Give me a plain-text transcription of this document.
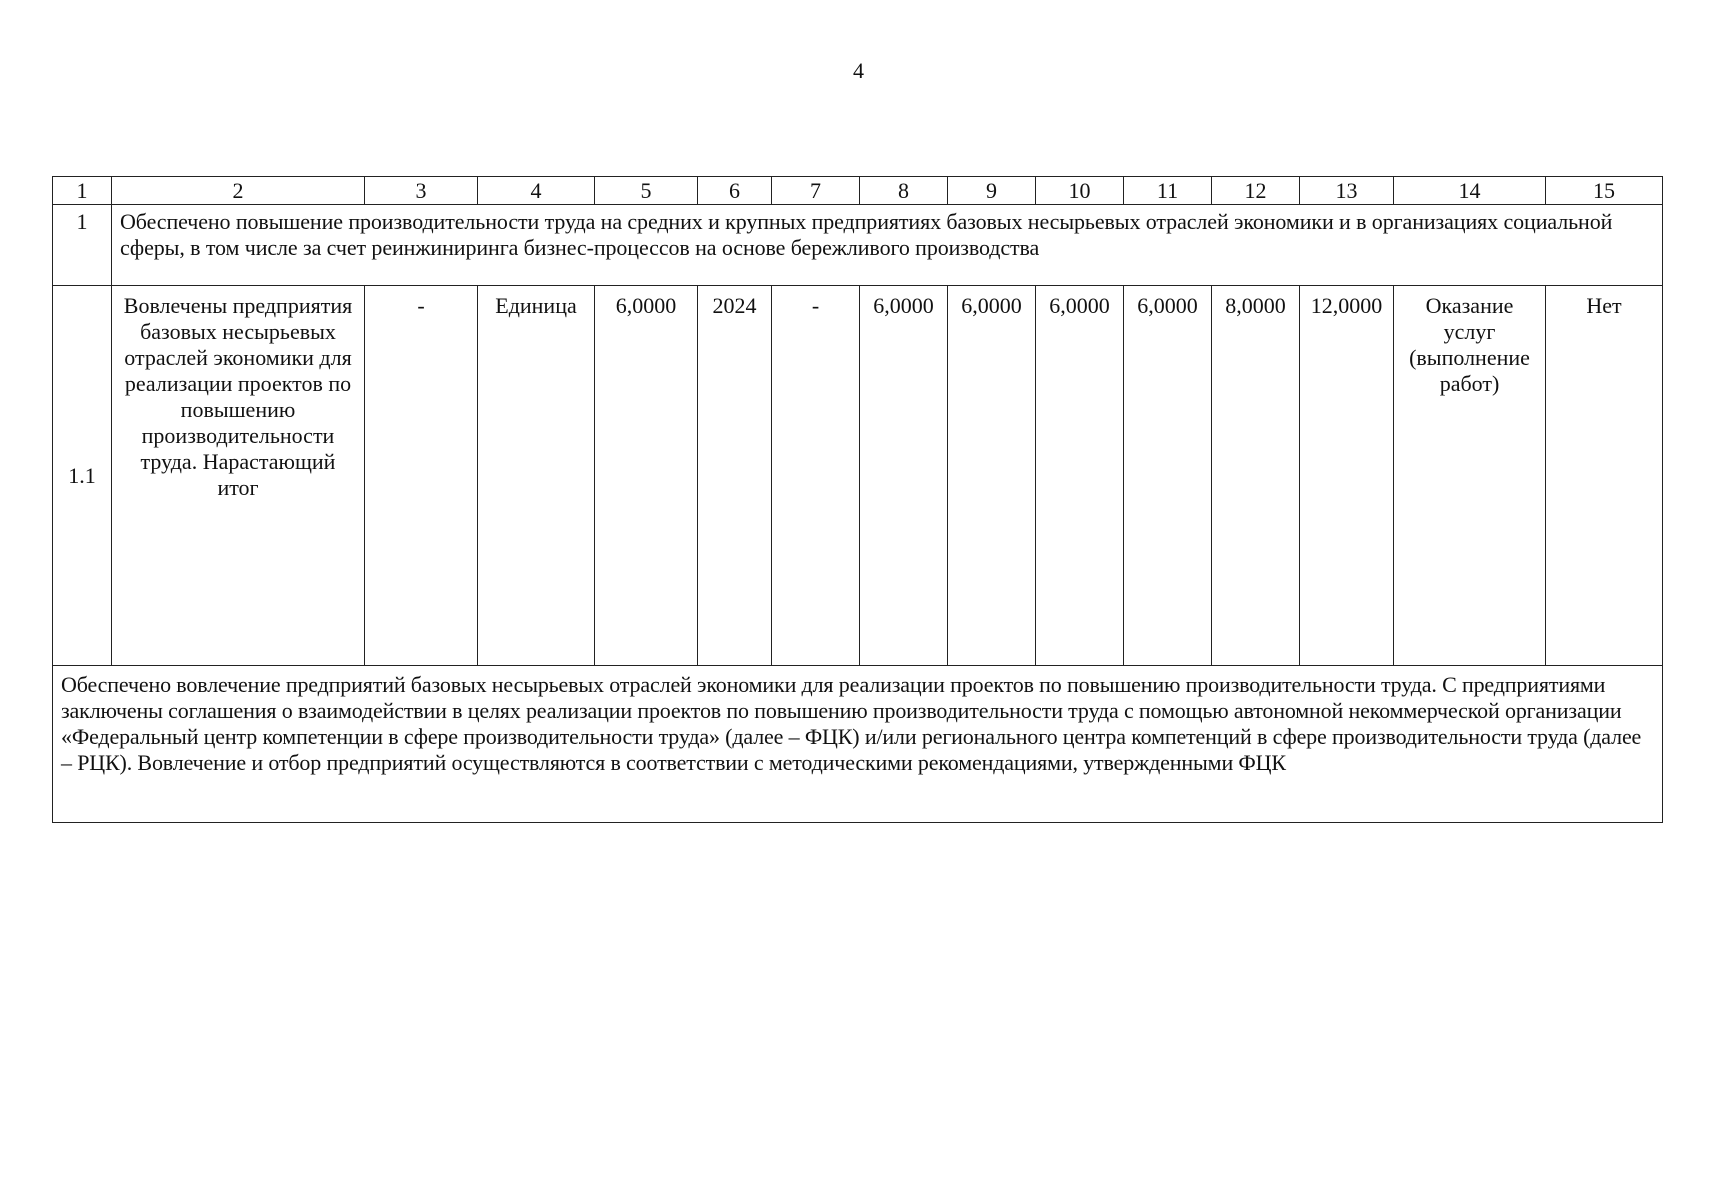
4
1	2	3	4	5	6	7	8	9	10	11	12	13	14	15
1	Обеспечено повышение производительности труда на средних и крупных предприятиях базовых несырьевых отраслей экономики и в организациях социальной сферы, в том числе за счет реинжиниринга бизнес-процессов на основе бережливого производства													
1.1	Вовлечены предприятия базовых несырьевых отраслей экономики для реализации проектов по повышению производительности труда. Нарастающий итог	-	Единица	6,0000	2024	-	6,0000	6,0000	6,0000	6,0000	8,0000	12,0000	Оказание услуг (выполнение работ)	Нет
Обеспечено вовлечение предприятий базовых несырьевых отраслей экономики для реализации проектов по повышению производительности труда. С предприятиями заключены соглашения о взаимодействии в целях реализации проектов по повышению производительности труда с помощью автономной некоммерческой организации «Федеральный центр компетенции в сфере производительности труда» (далее – ФЦК) и/или регионального центра компетенций в сфере производительности труда (далее – РЦК). Вовлечение и отбор предприятий осуществляются в соответствии с методическими рекомендациями, утвержденными ФЦК														
